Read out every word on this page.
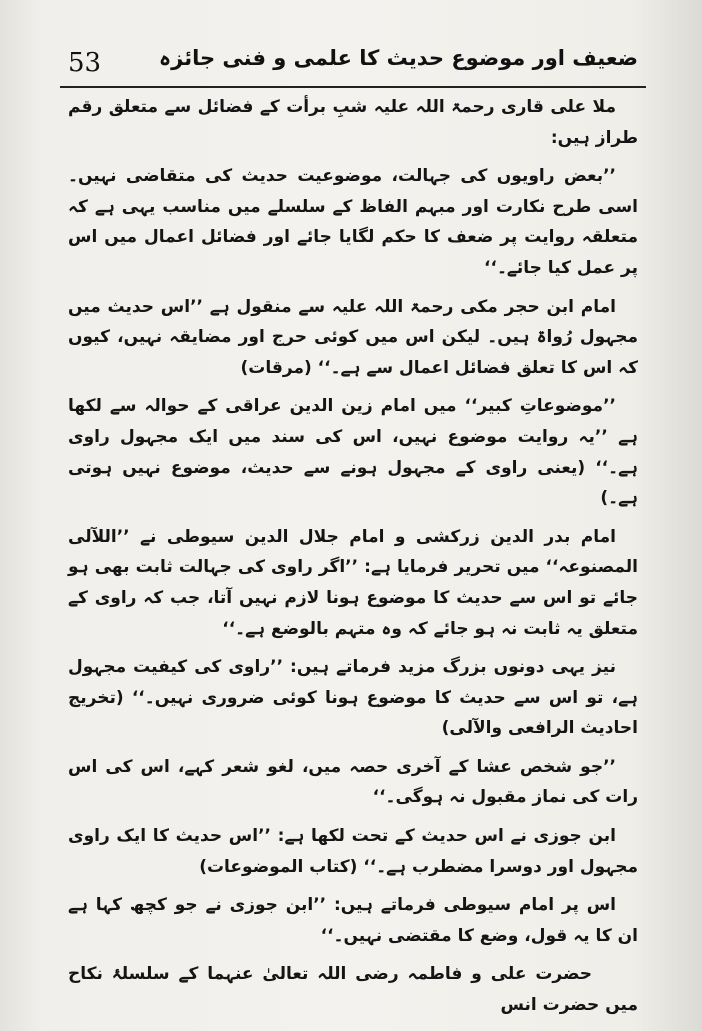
53	ضعیف اور موضوع حدیث کا علمی و فنی جائزہ

ملا علی قاری رحمۃ اللہ علیہ شبِ برأت کے فضائل سے متعلق رقم طراز ہیں:

’’بعض راویوں کی جہالت، موضوعیت حدیث کی متقاضی نہیں۔ اسی طرح نکارت اور مبہم الفاظ کے سلسلے میں مناسب یہی ہے کہ متعلقہ روایت پر ضعف کا حکم لگایا جائے اور فضائل اعمال میں اس پر عمل کیا جائے۔‘‘

امام ابن حجر مکی رحمۃ اللہ علیہ سے منقول ہے ’’اس حدیث میں مجہول رُواۃ ہیں۔ لیکن اس میں کوئی حرج اور مضایقہ نہیں، کیوں کہ اس کا تعلق فضائل اعمال سے ہے۔‘‘ (مرقات)

’’موضوعاتِ کبیر‘‘ میں امام زین الدین عراقی کے حوالہ سے لکھا ہے ’’یہ روایت موضوع نہیں، اس کی سند میں ایک مجہول راوی ہے۔‘‘ (یعنی راوی کے مجہول ہونے سے حدیث، موضوع نہیں ہوتی ہے۔)

امام بدر الدین زرکشی و امام جلال الدین سیوطی نے ’’اللآلی المصنوعہ‘‘ میں تحریر فرمایا ہے: ’’اگر راوی کی جہالت ثابت بھی ہو جائے تو اس سے حدیث کا موضوع ہونا لازم نہیں آتا، جب کہ راوی کے متعلق یہ ثابت نہ ہو جائے کہ وہ متہم بالوضع ہے۔‘‘

نیز یہی دونوں بزرگ مزید فرماتے ہیں: ’’راوی کی کیفیت مجہول ہے، تو اس سے حدیث کا موضوع ہونا کوئی ضروری نہیں۔‘‘ (تخریج احادیث الرافعی والآلی)

’’جو شخص عشا کے آخری حصہ میں، لغو شعر کہے، اس کی اس رات کی نماز مقبول نہ ہوگی۔‘‘

ابن جوزی نے اس حدیث کے تحت لکھا ہے: ’’اس حدیث کا ایک راوی مجہول اور دوسرا مضطرب ہے۔‘‘ (کتاب الموضوعات)

اس پر امام سیوطی فرماتے ہیں: ’’ابن جوزی نے جو کچھ کہا ہے ان کا یہ قول، وضع کا مقتضی نہیں۔‘‘

حضرت علی و فاطمہ رضی اللہ تعالیٰ عنہما کے سلسلۂ نکاح میں حضرت انس
